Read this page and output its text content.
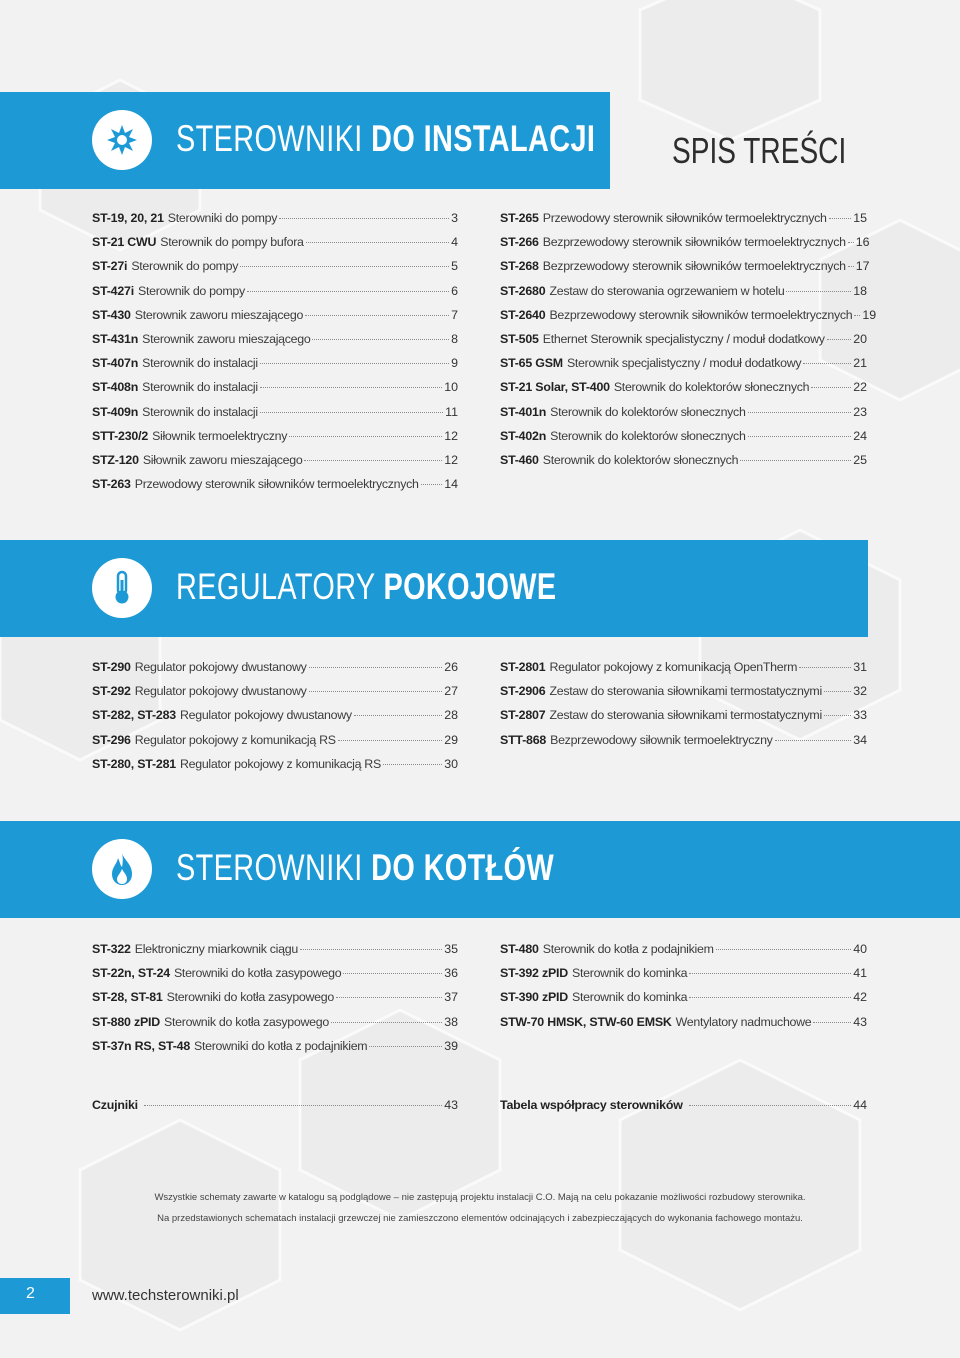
STEROWNIKI DO INSTALACJI SPIS TREŚCI
ST-19, 20, 21 Sterowniki do pompy	3
ST-21 CWU Sterownik do pompy bufora	4
ST-27i Sterownik do pompy	5
ST-427i Sterownik do pompy	6
ST-430 Sterownik zaworu mieszającego	7
ST-431n Sterownik zaworu mieszającego	8
ST-407n Sterownik do instalacji	9
ST-408n Sterownik do instalacji	10
ST-409n Sterownik do instalacji	11
STT-230/2 Siłownik termoelektryczny	12
STZ-120 Siłownik zaworu mieszającego	12
ST-263 Przewodowy sterownik siłowników termoelektrycznych 14
ST-265 Przewodowy sterownik siłowników termoelektrycznych 15
ST-266 Bezprzewodowy sterownik siłowników termoelektrycznych 16
ST-268 Bezprzewodowy sterownik siłowników termoelektrycznych 17
ST-2680 Zestaw do sterowania ogrzewaniem w hotelu	18
ST-2640 Bezprzewodowy sterownik siłowników termoelektrycznych 19
ST-505 Ethernet Sterownik specjalistyczny / moduł dodatkowy 20
ST-65 GSM Sterownik specjalistyczny / moduł dodatkowy	21
ST-21 Solar, ST-400 Sterownik do kolektorów słonecznych	22
ST-401n Sterownik do kolektorów słonecznych	23
ST-402n Sterownik do kolektorów słonecznych	24
ST-460 Sterownik do kolektorów słonecznych	25
REGULATORY POKOJOWE
ST-290 Regulator pokojowy dwustanowy	26
ST-292 Regulator pokojowy dwustanowy	27
ST-282, ST-283 Regulator pokojowy dwustanowy	28
ST-296 Regulator pokojowy z komunikacją RS	29
ST-280, ST-281 Regulator pokojowy z komunikacją RS	30
ST-2801 Regulator pokojowy z komunikacją OpenTherm	31
ST-2906 Zestaw do sterowania siłownikami termostatycznymi	32
ST-2807 Zestaw do sterowania siłownikami termostatycznymi	33
STT-868 Bezprzewodowy siłownik termoelektryczny	34
STEROWNIKI DO KOTŁÓW
ST-322 Elektroniczny miarkownik ciągu	35
ST-22n, ST-24 Sterowniki do kotła zasypowego	36
ST-28, ST-81 Sterowniki do kotła zasypowego	37
ST-880 zPID Sterownik do kotła zasypowego	38
ST-37n RS, ST-48 Sterowniki do kotła z podajnikiem	39
ST-480 Sterownik do kotła z podajnikiem	40
ST-392 zPID Sterownik do kominka	41
ST-390 zPID Sterownik do kominka	42
STW-70 HMSK, STW-60 EMSK Wentylatory nadmuchowe	43
Czujniki	43	Tabela współpracy sterowników	44
Wszystkie schematy zawarte w katalogu są podglądowe – nie zastępują projektu instalacji C.O. Mają na celu pokazanie możliwości rozbudowy sterownika.
Na przedstawionych schematach instalacji grzewczej nie zamieszczono elementów odcinających i zabezpieczających do wykonania fachowego montażu.
2	www.techsterowniki.pl
